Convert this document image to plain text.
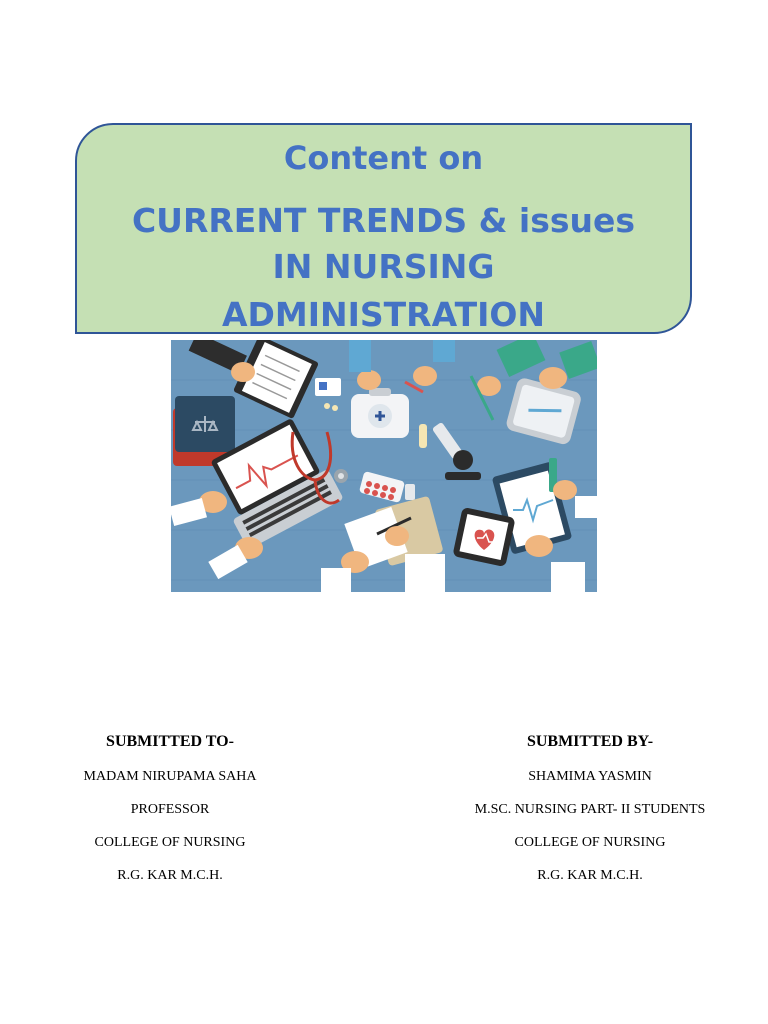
Content on
CURRENT TRENDS & issues
IN NURSING
ADMINISTRATION
SUBMITTED TO-
MADAM NIRUPAMA SAHA
PROFESSOR
COLLEGE OF NURSING
R.G. KAR M.C.H.
SUBMITTED BY-
SHAMIMA YASMIN
M.SC. NURSING PART- II STUDENTS
COLLEGE OF NURSING
R.G. KAR M.C.H.
